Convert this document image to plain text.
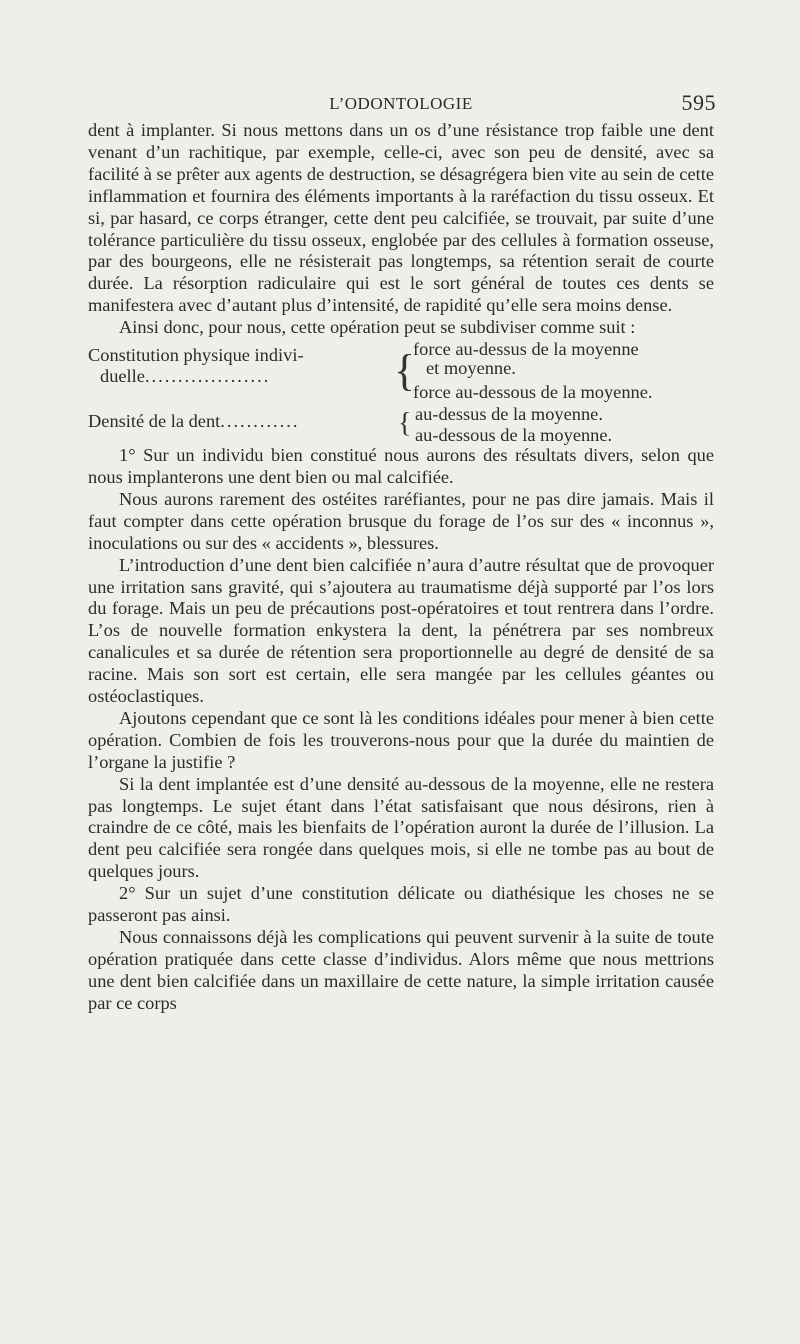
L’ODONTOLOGIE	595

dent à implanter. Si nous mettons dans un os d’une résistance trop faible une dent venant d’un rachitique, par exemple, celle-ci, avec son peu de densité, avec sa facilité à se prêter aux agents de destruction, se désagrégera bien vite au sein de cette inflammation et fournira des éléments importants à la raréfaction du tissu osseux. Et si, par hasard, ce corps étranger, cette dent peu calcifiée, se trouvait, par suite d’une tolérance particulière du tissu osseux, englobée par des cellules à formation osseuse, par des bourgeons, elle ne résisterait pas longtemps, sa rétention serait de courte durée. La résorption radiculaire qui est le sort général de toutes ces dents se manifestera avec d’autant plus d’intensité, de rapidité qu’elle sera moins dense.

Ainsi donc, pour nous, cette opération peut se subdiviser comme suit :

Constitution physique indivi-
duelle...................	{
force au-dessus de la moyenne
et moyenne.
force au-dessous de la moyenne.
Densité de la dent............	{ au-dessus de la moyenne.
au-dessous de la moyenne.

1° Sur un individu bien constitué nous aurons des résultats divers, selon que nous implanterons une dent bien ou mal calcifiée.

Nous aurons rarement des ostéites raréfiantes, pour ne pas dire jamais. Mais il faut compter dans cette opération brusque du forage de l’os sur des « inconnus », inoculations ou sur des « accidents », blessures.

L’introduction d’une dent bien calcifiée n’aura d’autre résultat que de provoquer une irritation sans gravité, qui s’ajoutera au traumatisme déjà supporté par l’os lors du forage. Mais un peu de précautions post-opératoires et tout rentrera dans l’ordre. L’os de nouvelle formation enkystera la dent, la pénétrera par ses nombreux canalicules et sa durée de rétention sera proportionnelle au degré de densité de sa racine. Mais son sort est certain, elle sera mangée par les cellules géantes ou ostéoclastiques.

Ajoutons cependant que ce sont là les conditions idéales pour mener à bien cette opération. Combien de fois les trouverons-nous pour que la durée du maintien de l’organe la justifie ?

Si la dent implantée est d’une densité au-dessous de la moyenne, elle ne restera pas longtemps. Le sujet étant dans l’état satisfaisant que nous désirons, rien à craindre de ce côté, mais les bienfaits de l’opération auront la durée de l’illusion. La dent peu calcifiée sera rongée dans quelques mois, si elle ne tombe pas au bout de quelques jours.

2° Sur un sujet d’une constitution délicate ou diathésique les choses ne se passeront pas ainsi.

Nous connaissons déjà les complications qui peuvent survenir à la suite de toute opération pratiquée dans cette classe d’individus. Alors même que nous mettrions une dent bien calcifiée dans un maxillaire de cette nature, la simple irritation causée par ce corps
